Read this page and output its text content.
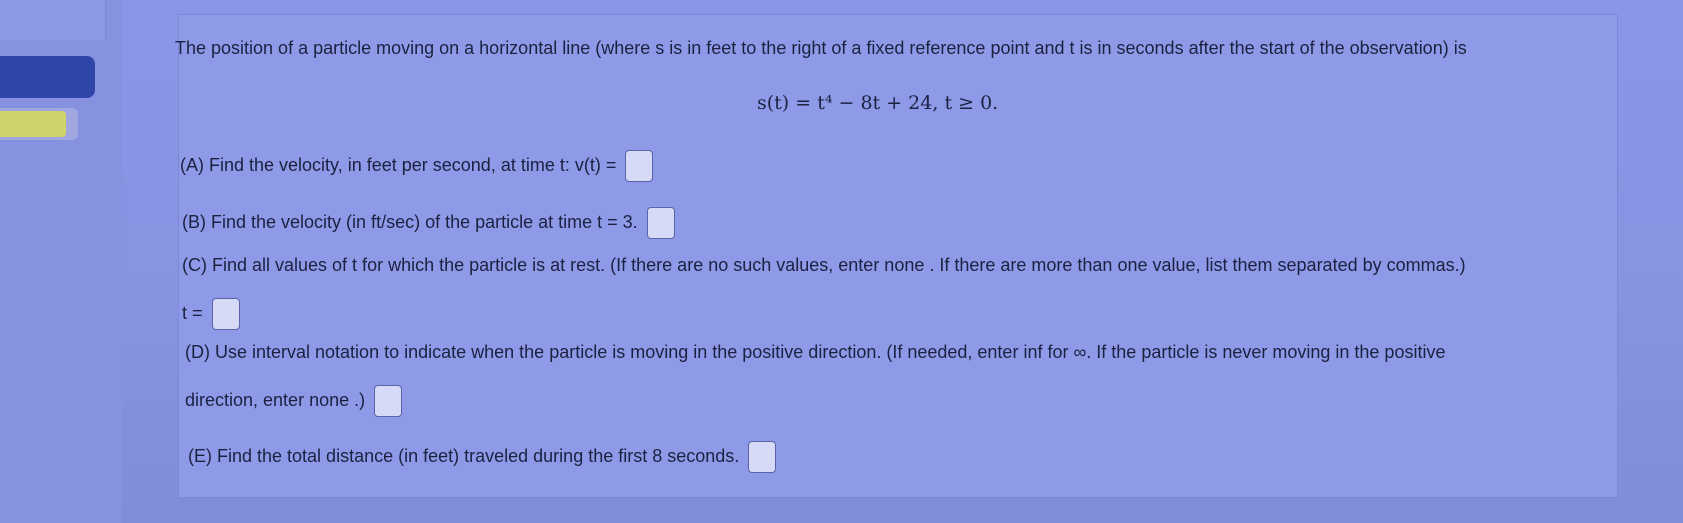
The position of a particle moving on a horizontal line (where s is in feet to the right of a fixed reference point and t is in seconds after the start of the observation) is
s(t) = t⁴ − 8t + 24, t ≥ 0.
(A) Find the velocity, in feet per second, at time t: v(t) =
(B) Find the velocity (in ft/sec) of the particle at time t = 3.
(C) Find all values of t for which the particle is at rest. (If there are no such values, enter none . If there are more than one value, list them separated by commas.)
t =
(D) Use interval notation to indicate when the particle is moving in the positive direction. (If needed, enter inf for ∞. If the particle is never moving in the positive
direction, enter none .)
(E) Find the total distance (in feet) traveled during the first 8 seconds.
